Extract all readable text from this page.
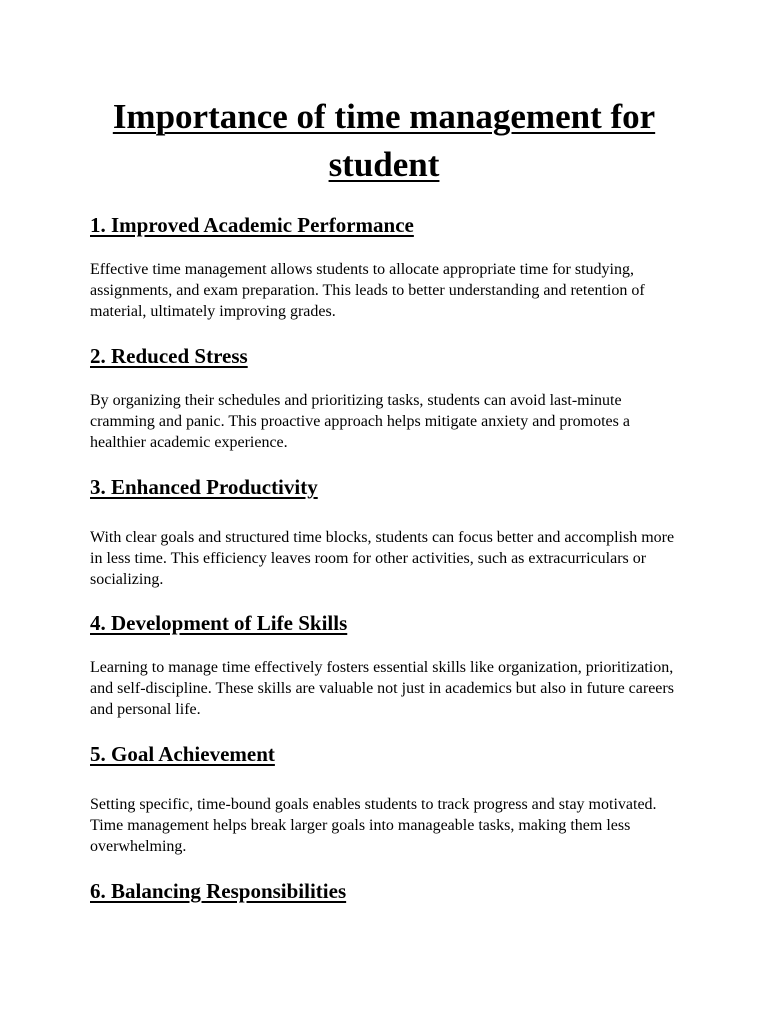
Importance of time management for student
1. Improved Academic Performance

Effective time management allows students to allocate appropriate time for studying, assignments, and exam preparation. This leads to better understanding and retention of material, ultimately improving grades.

2. Reduced Stress

By organizing their schedules and prioritizing tasks, students can avoid last-minute cramming and panic. This proactive approach helps mitigate anxiety and promotes a healthier academic experience.

3. Enhanced Productivity

With clear goals and structured time blocks, students can focus better and accomplish more in less time. This efficiency leaves room for other activities, such as extracurriculars or socializing.

4. Development of Life Skills

Learning to manage time effectively fosters essential skills like organization, prioritization, and self-discipline. These skills are valuable not just in academics but also in future careers and personal life.

5. Goal Achievement

Setting specific, time-bound goals enables students to track progress and stay motivated. Time management helps break larger goals into manageable tasks, making them less overwhelming.

6. Balancing Responsibilities
